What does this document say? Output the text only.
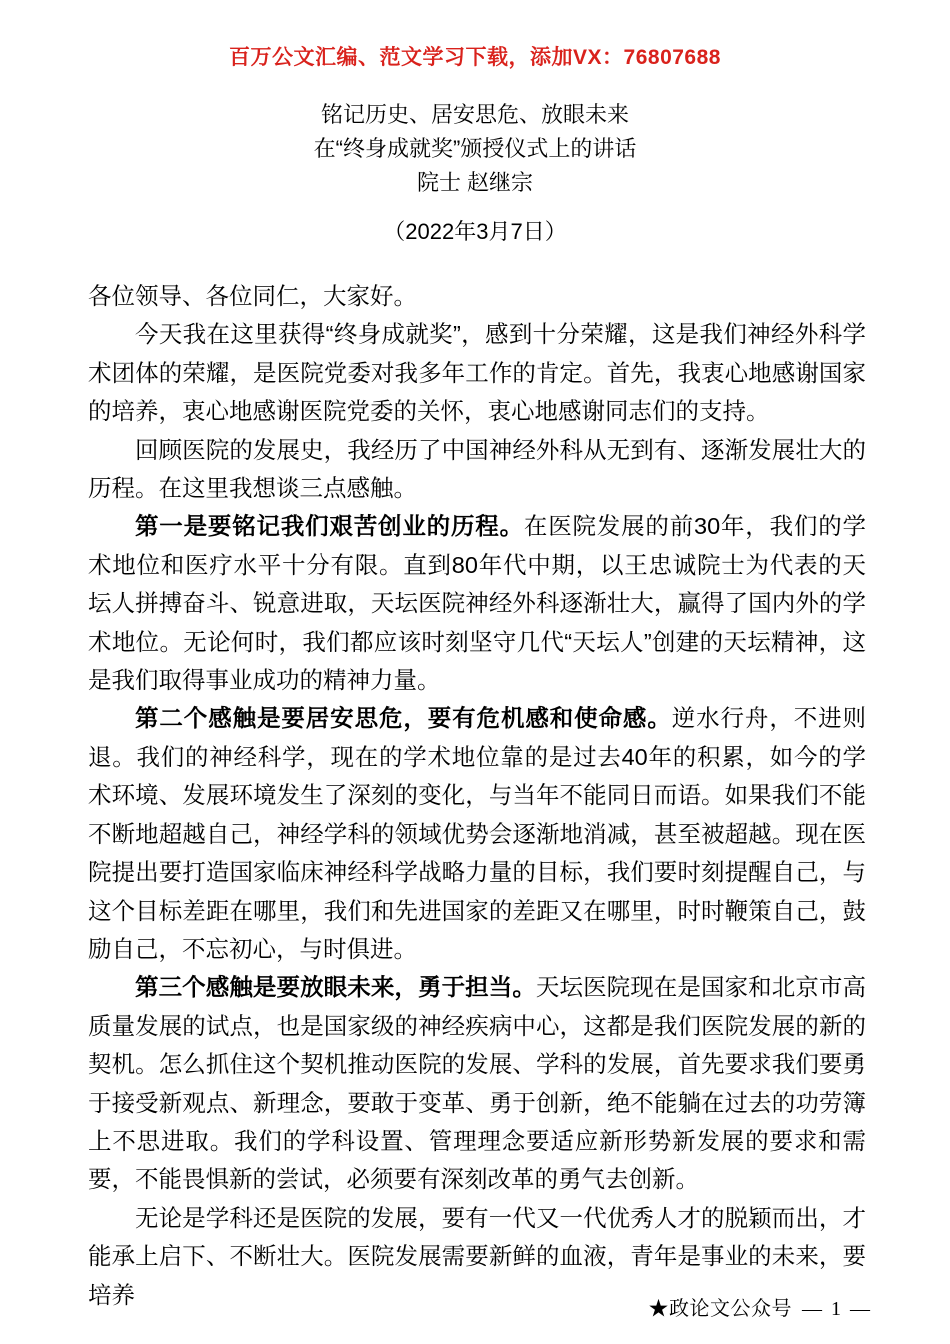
百万公文汇编、范文学习下载，添加VX：76807688
铭记历史、居安思危、放眼未来
在“终身成就奖”颁授仪式上的讲话
院士 赵继宗
（2022年3月7日）

各位领导、各位同仁，大家好。

今天我在这里获得“终身成就奖”，感到十分荣耀，这是我们神经外科学术团体的荣耀，是医院党委对我多年工作的肯定。首先，我衷心地感谢国家的培养，衷心地感谢医院党委的关怀，衷心地感谢同志们的支持。

回顾医院的发展史，我经历了中国神经外科从无到有、逐渐发展壮大的历程。在这里我想谈三点感触。

第一是要铭记我们艰苦创业的历程。在医院发展的前30年，我们的学术地位和医疗水平十分有限。直到80年代中期，以王忠诚院士为代表的天坛人拼搏奋斗、锐意进取，天坛医院神经外科逐渐壮大，赢得了国内外的学术地位。无论何时，我们都应该时刻坚守几代“天坛人”创建的天坛精神，这是我们取得事业成功的精神力量。

第二个感触是要居安思危，要有危机感和使命感。逆水行舟，不进则退。我们的神经科学，现在的学术地位靠的是过去40年的积累，如今的学术环境、发展环境发生了深刻的变化，与当年不能同日而语。如果我们不能不断地超越自己，神经学科的领域优势会逐渐地消减，甚至被超越。现在医院提出要打造国家临床神经科学战略力量的目标，我们要时刻提醒自己，与这个目标差距在哪里，我们和先进国家的差距又在哪里，时时鞭策自己，鼓励自己，不忘初心，与时俱进。

第三个感触是要放眼未来，勇于担当。天坛医院现在是国家和北京市高质量发展的试点，也是国家级的神经疾病中心，这都是我们医院发展的新的契机。怎么抓住这个契机推动医院的发展、学科的发展，首先要求我们要勇于接受新观点、新理念，要敢于变革、勇于创新，绝不能躺在过去的功劳簿上不思进取。我们的学科设置、管理理念要适应新形势新发展的要求和需要，不能畏惧新的尝试，必须要有深刻改革的勇气去创新。

无论是学科还是医院的发展，要有一代又一代优秀人才的脱颖而出，才能承上启下、不断壮大。医院发展需要新鲜的血液，青年是事业的未来，要培养

★政论文公众号 — 1 —
